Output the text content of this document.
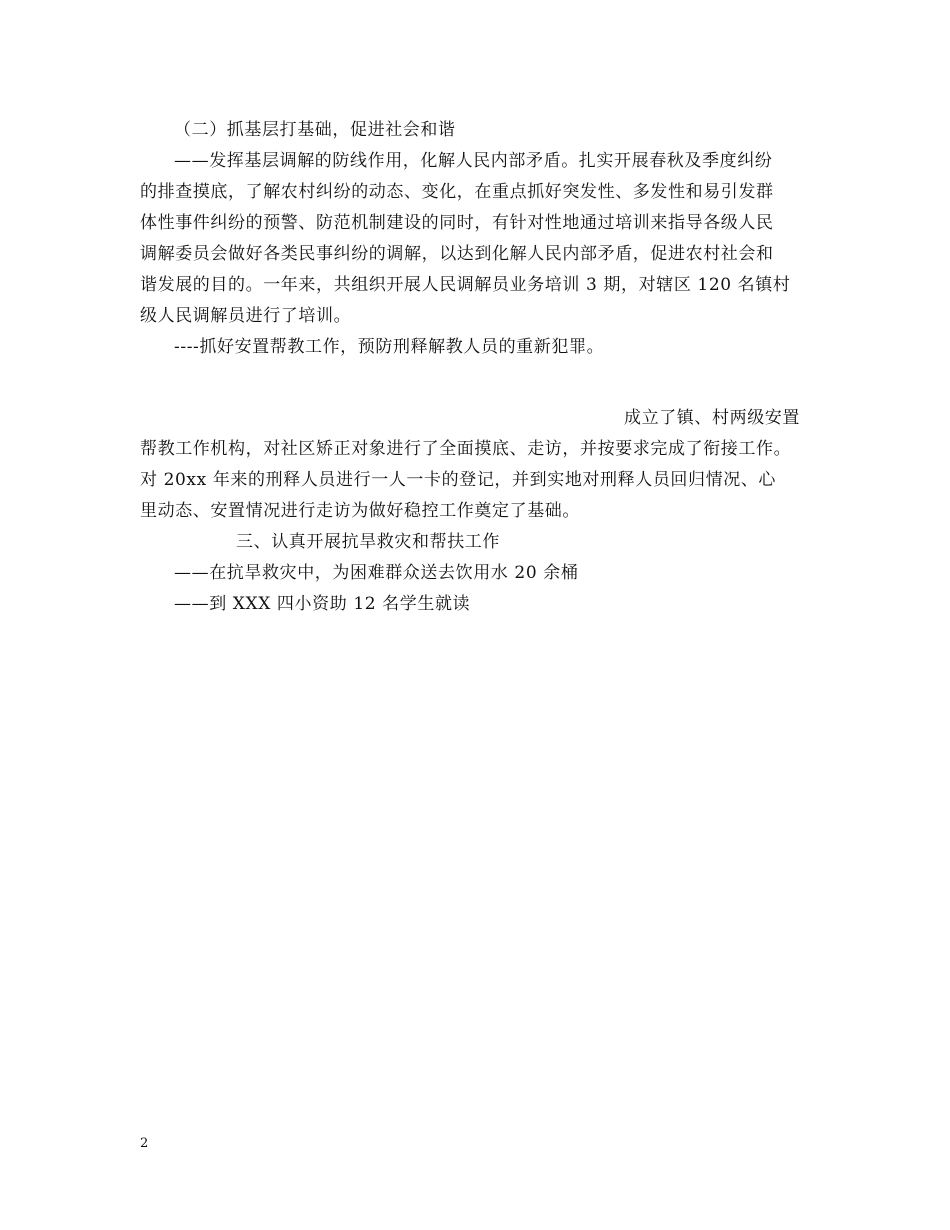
（二）抓基层打基础，促进社会和谐
——发挥基层调解的防线作用，化解人民内部矛盾。扎实开展春秋及季度纠纷
的排查摸底，了解农村纠纷的动态、变化，在重点抓好突发性、多发性和易引发群
体性事件纠纷的预警、防范机制建设的同时，有针对性地通过培训来指导各级人民
调解委员会做好各类民事纠纷的调解，以达到化解人民内部矛盾，促进农村社会和
谐发展的目的。一年来，共组织开展人民调解员业务培训 3 期，对辖区 120 名镇村
级人民调解员进行了培训。
----抓好安置帮教工作，预防刑释解教人员的重新犯罪。
成立了镇、村两级安置
帮教工作机构，对社区矫正对象进行了全面摸底、走访，并按要求完成了衔接工作。
对 20xx 年来的刑释人员进行一人一卡的登记，并到实地对刑释人员回归情况、心
里动态、安置情况进行走访为做好稳控工作奠定了基础。
三、认真开展抗旱救灾和帮扶工作
——在抗旱救灾中，为困难群众送去饮用水 20 余桶
——到 XXX 四小资助 12 名学生就读
2
